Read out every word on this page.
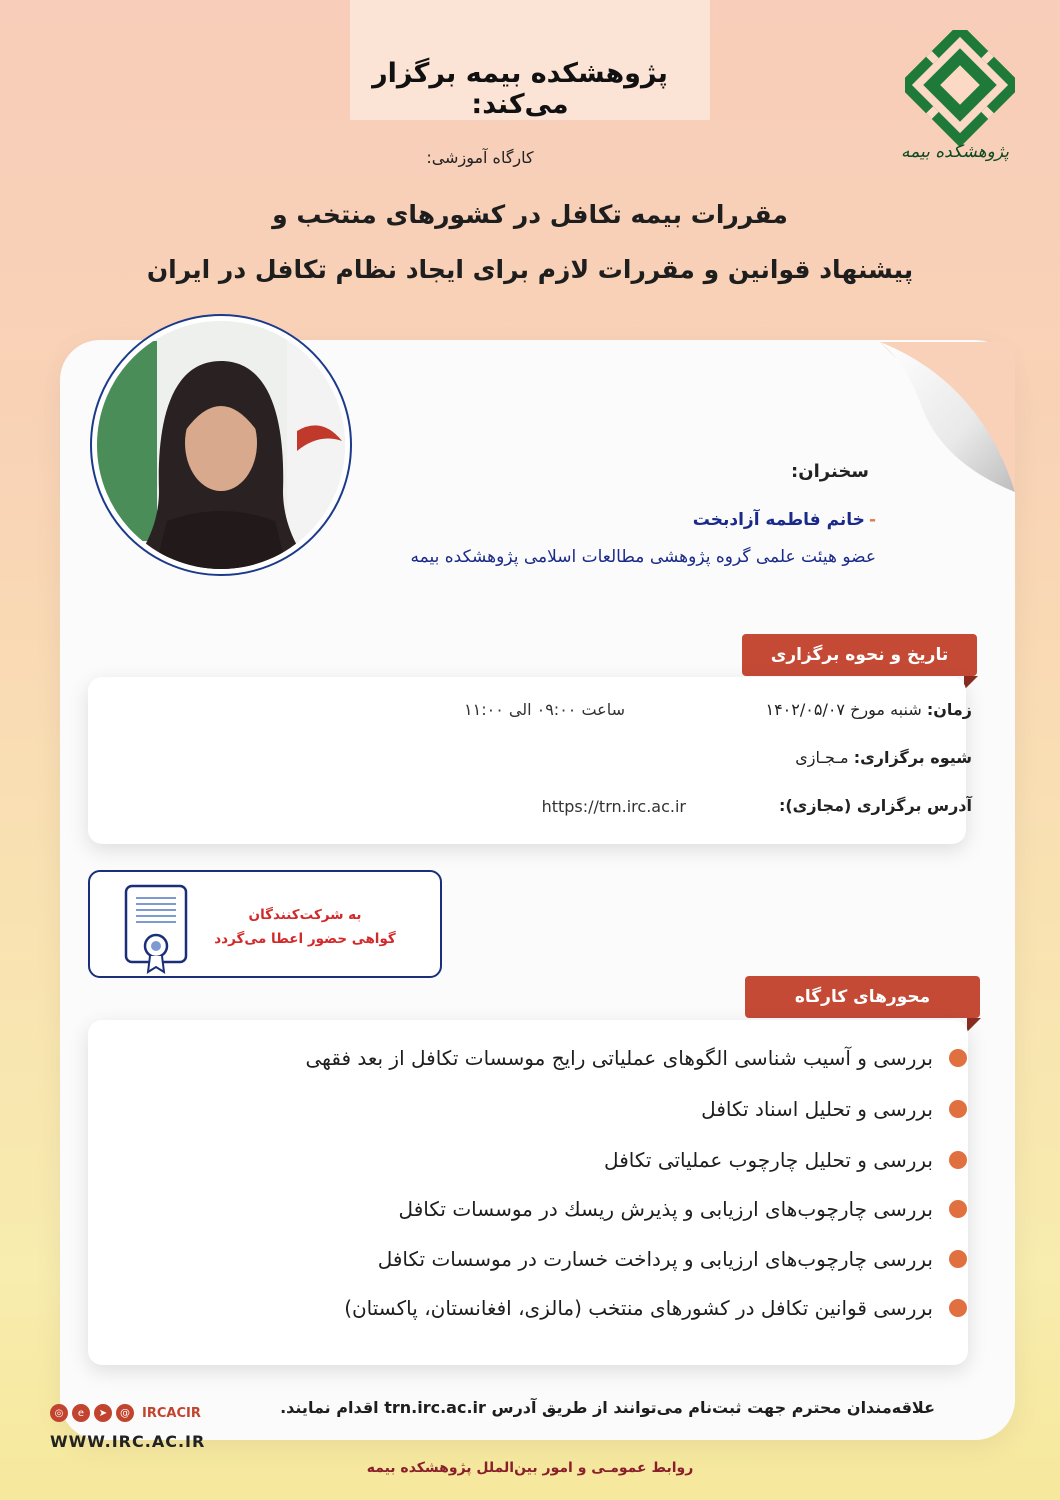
پژوهشکده بیمه برگزار می‌کند:
پژوهشکده بیمه
کارگاه آموزشی:
مقررات بیمه تکافل در کشورهای منتخب و
پیشنهاد قوانین و مقررات لازم برای ایجاد نظام تکافل در ایران
سخنران:
-خانم فاطمه آزادبخت
عضو هیئت علمی گروه پژوهشی مطالعات اسلامی پژوهشکده بیمه
تاریخ و نحوه برگزاری
زمان: شنبه مورخ ۱۴۰۲/۰۵/۰۷
ساعت ۰۹:۰۰ الی ۱۱:۰۰
شیوه برگزاری: مـجـازی
آدرس برگزاری (مجازی):
https://trn.irc.ac.ir
به شرکت‌کنندگان
گواهی حضور اعطا می‌گردد
محورهای کارگاه
بررسی و آسیب شناسی الگوهای عملیاتی رایج موسسات تکافل از بعد فقهی
بررسی و تحلیل اسناد تکافل
بررسی و تحلیل چارچوب عملیاتی تکافل
بررسی چارچوب‌های ارزیابی و پذیرش ریسك در موسسات تکافل
بررسی چارچوب‌های ارزیابی و پرداخت خسارت در موسسات تکافل
بررسی قوانین تکافل در کشورهای منتخب (مالزی، افغانستان، پاکستان)
علاقه‌مندان محترم جهت ثبت‌نام می‌توانند از طریق آدرس trn.irc.ac.ir اقدام نمایند.
◎	e	➤	@ IRCACIR
WWW.IRC.AC.IR
روابط عمومـی و امور بین‌الملل پژوهشکده بیمه
